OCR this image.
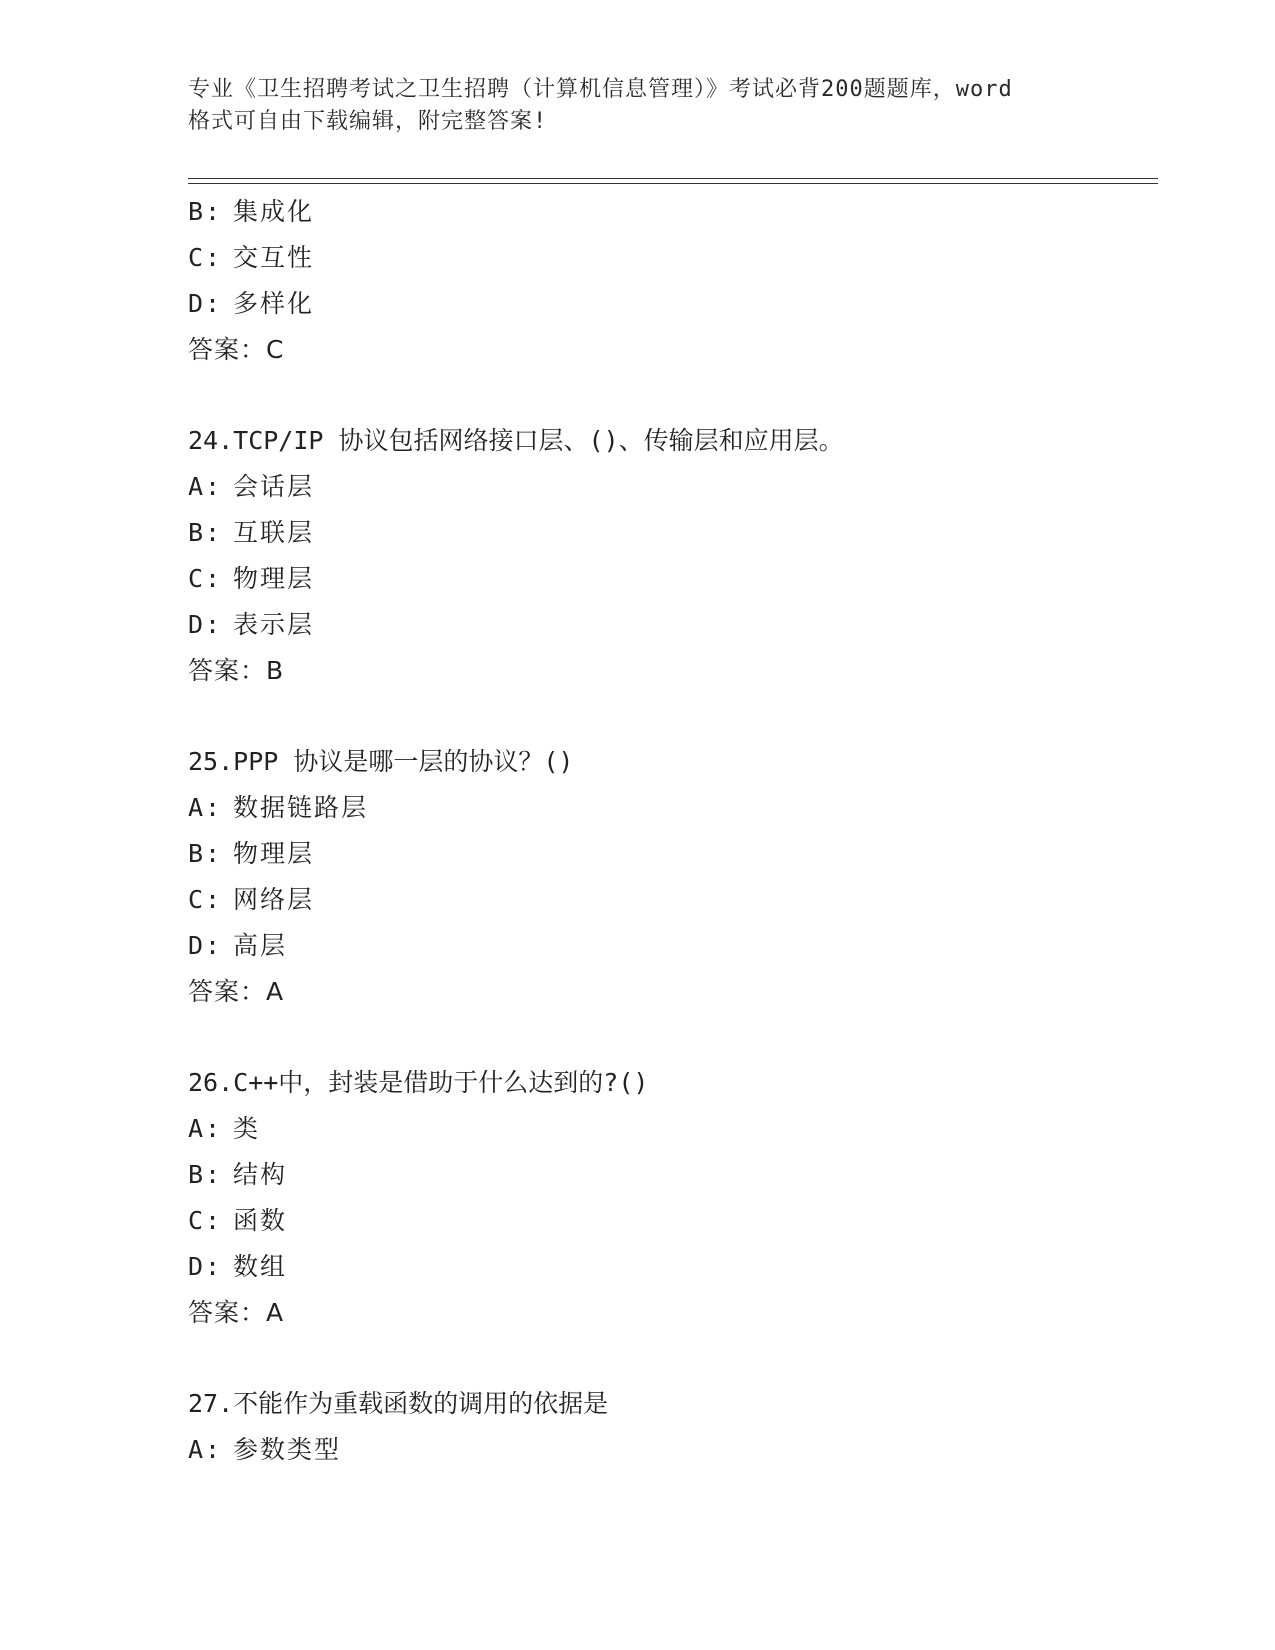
专业《卫生招聘考试之卫生招聘（计算机信息管理）》考试必背200题题库，word
格式可自由下载编辑，附完整答案!
B: 集成化
C: 交互性
D: 多样化
答案：C
24.TCP/IP 协议包括网络接口层、()、传输层和应用层。
A: 会话层
B: 互联层
C: 物理层
D: 表示层
答案：B
25.PPP 协议是哪一层的协议？()
A: 数据链路层
B: 物理层
C: 网络层
D: 高层
答案：A
26.C++中，封装是借助于什么达到的?()
A: 类
B: 结构
C: 函数
D: 数组
答案：A
27.不能作为重载函数的调用的依据是
A: 参数类型
